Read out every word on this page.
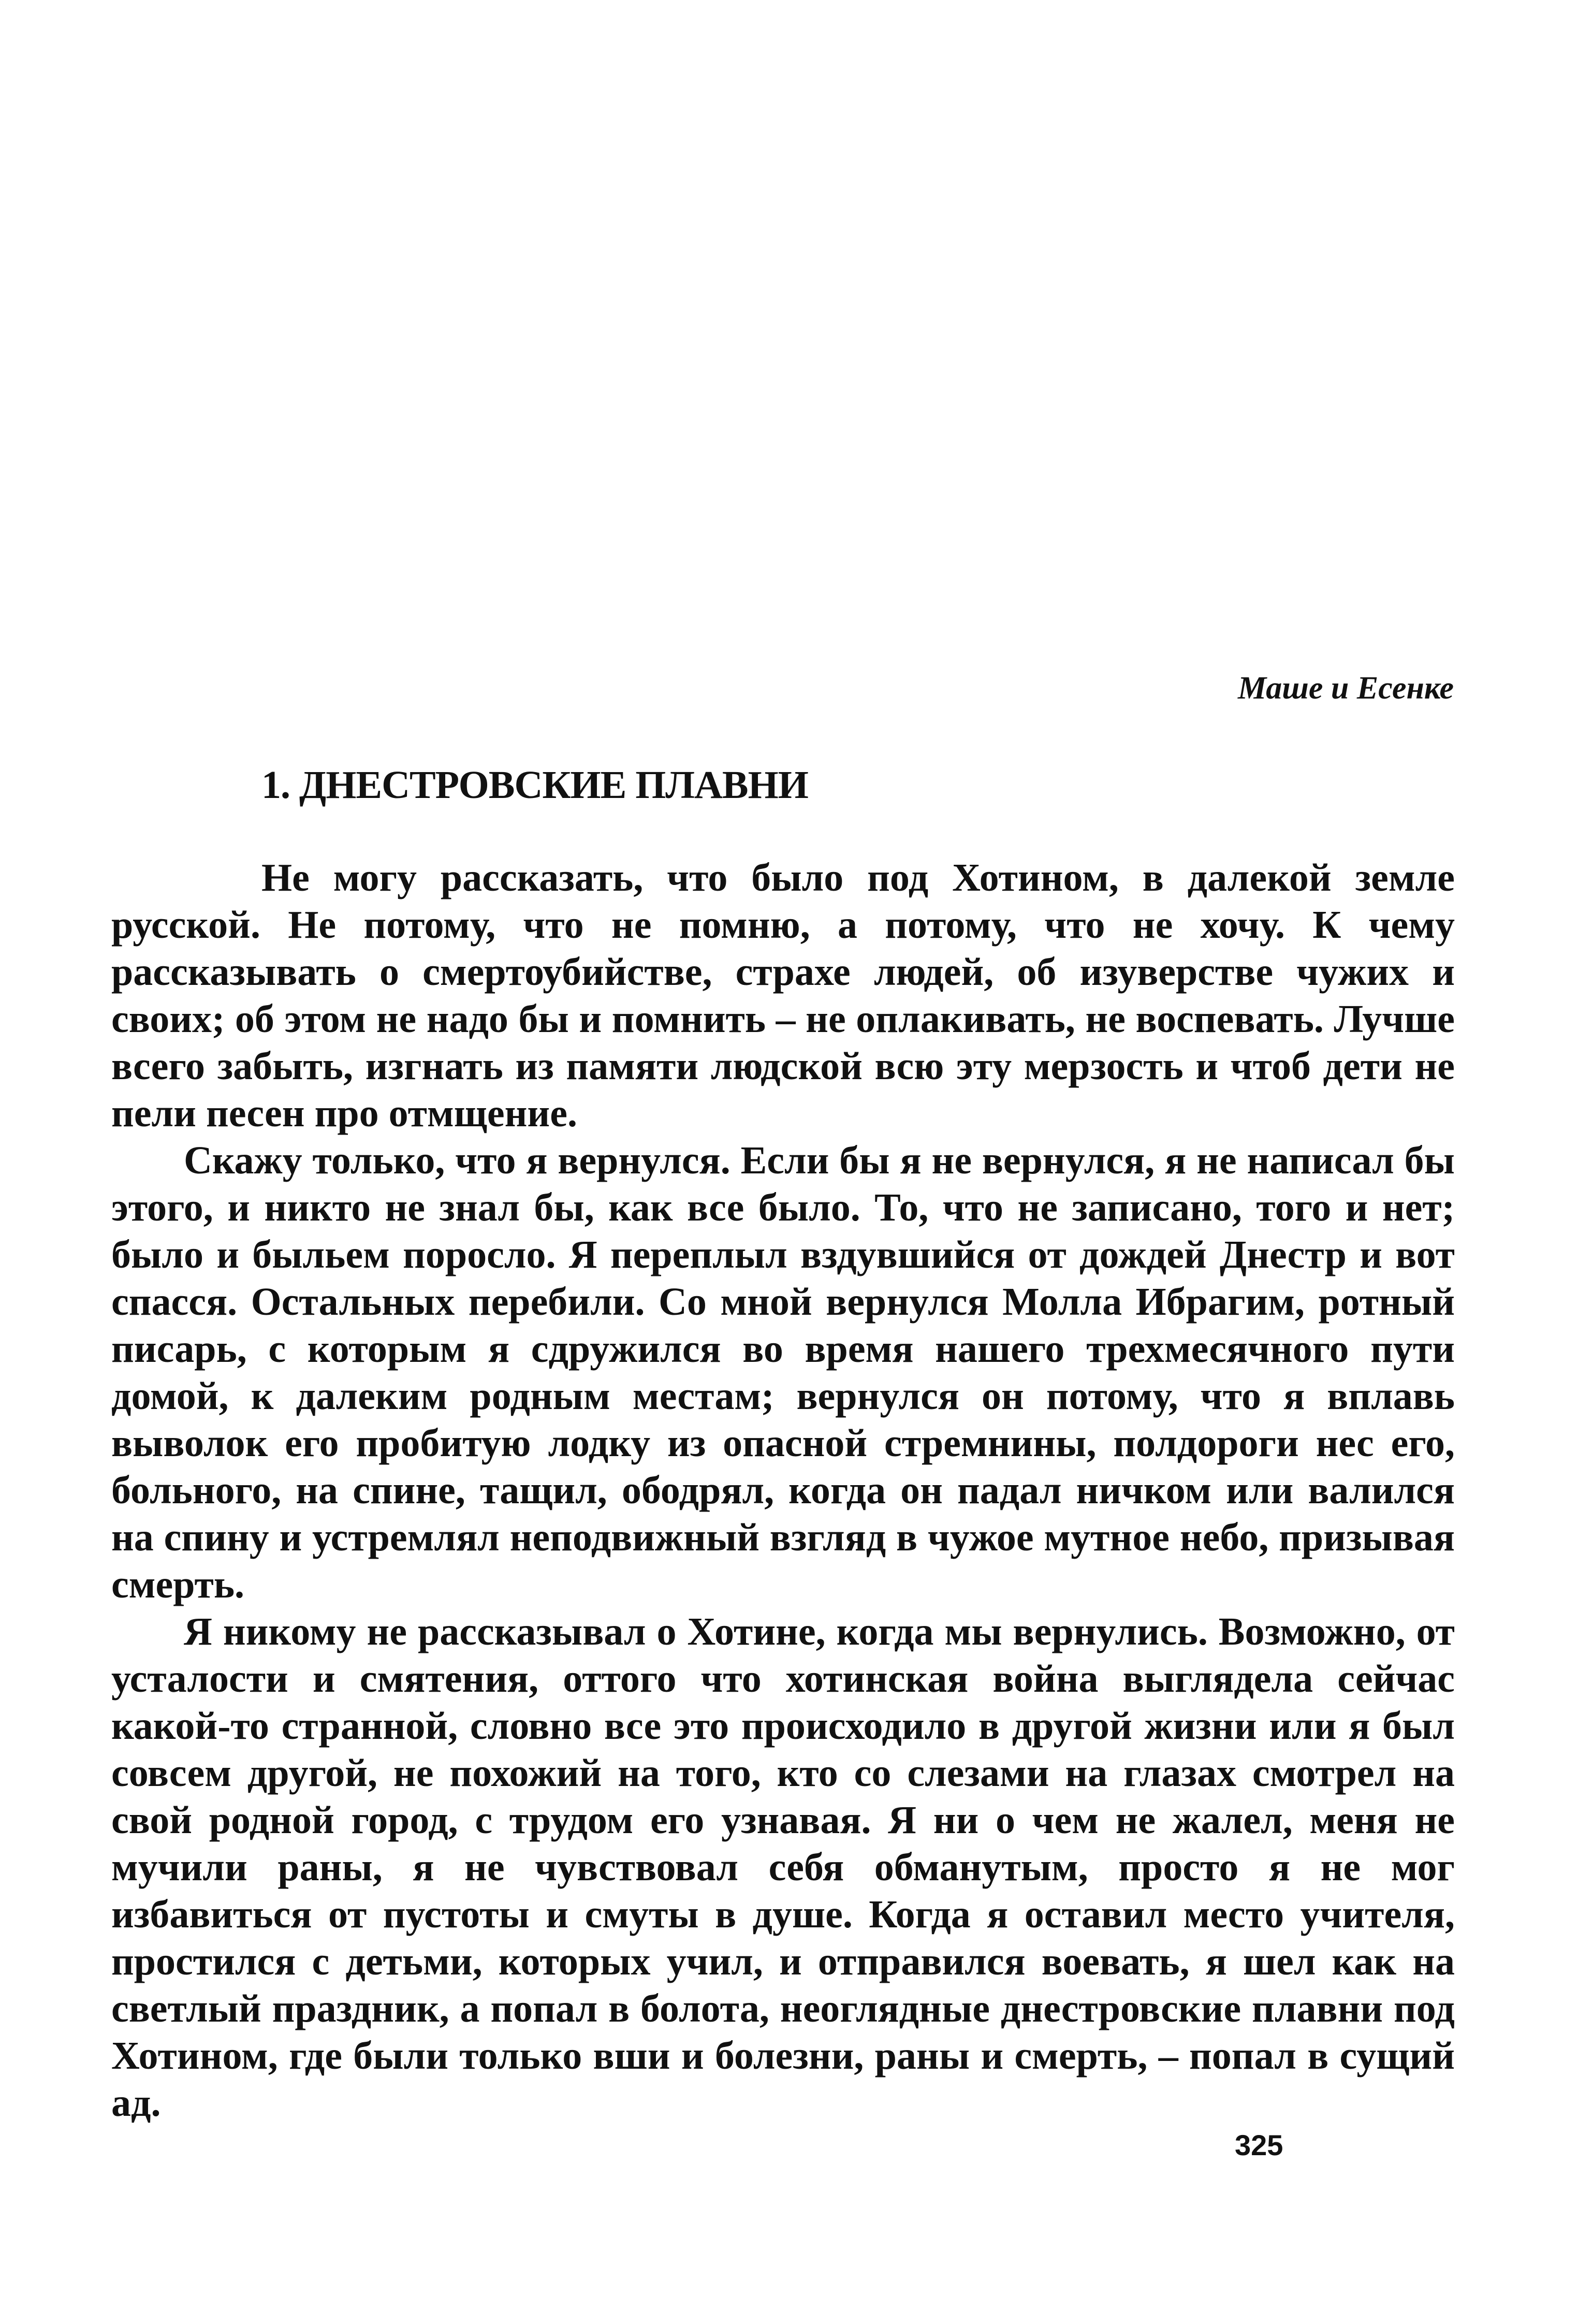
Маше и Есенке
1. ДНЕСТРОВСКИЕ ПЛАВНИ

Не могу рассказать, что было под Хотином, в далекой земле русской. Не потому, что не помню, а потому, что не хочу. К чему рассказывать о смертоубийстве, страхе людей, об изуверстве чужих и своих; об этом не надо бы и помнить – не оплакивать, не воспевать. Лучше всего забыть, изгнать из памяти людской всю эту мерзость и чтоб дети не пели песен про отмщение.

Скажу только, что я вернулся. Если бы я не вернулся, я не написал бы этого, и никто не знал бы, как все было. То, что не записано, того и нет; было и быльем поросло. Я переплыл вздувшийся от дождей Днестр и вот спасся. Остальных перебили. Со мной вернулся Молла Ибрагим, ротный писарь, с которым я сдружился во время нашего трехмесячного пути домой, к далеким родным местам; вернулся он потому, что я вплавь выволок его пробитую лодку из опасной стремнины, полдороги нес его, больного, на спине, тащил, ободрял, когда он падал ничком или валился на спину и устремлял неподвижный взгляд в чужое мутное небо, призывая смерть.

Я никому не рассказывал о Хотине, когда мы вернулись. Возможно, от усталости и смятения, оттого что хотинская война выглядела сейчас какой-то странной, словно все это происходило в другой жизни или я был совсем другой, не похожий на того, кто со слезами на глазах смотрел на свой родной город, с трудом его узнавая. Я ни о чем не жалел, меня не мучили раны, я не чувствовал себя обманутым, просто я не мог избавиться от пустоты и смуты в душе. Когда я оставил место учителя, простился с детьми, которых учил, и отправился воевать, я шел как на светлый праздник, а попал в болота, неоглядные днестровские плавни под Хотином, где были только вши и болезни, раны и смерть, – попал в сущий ад.

325
